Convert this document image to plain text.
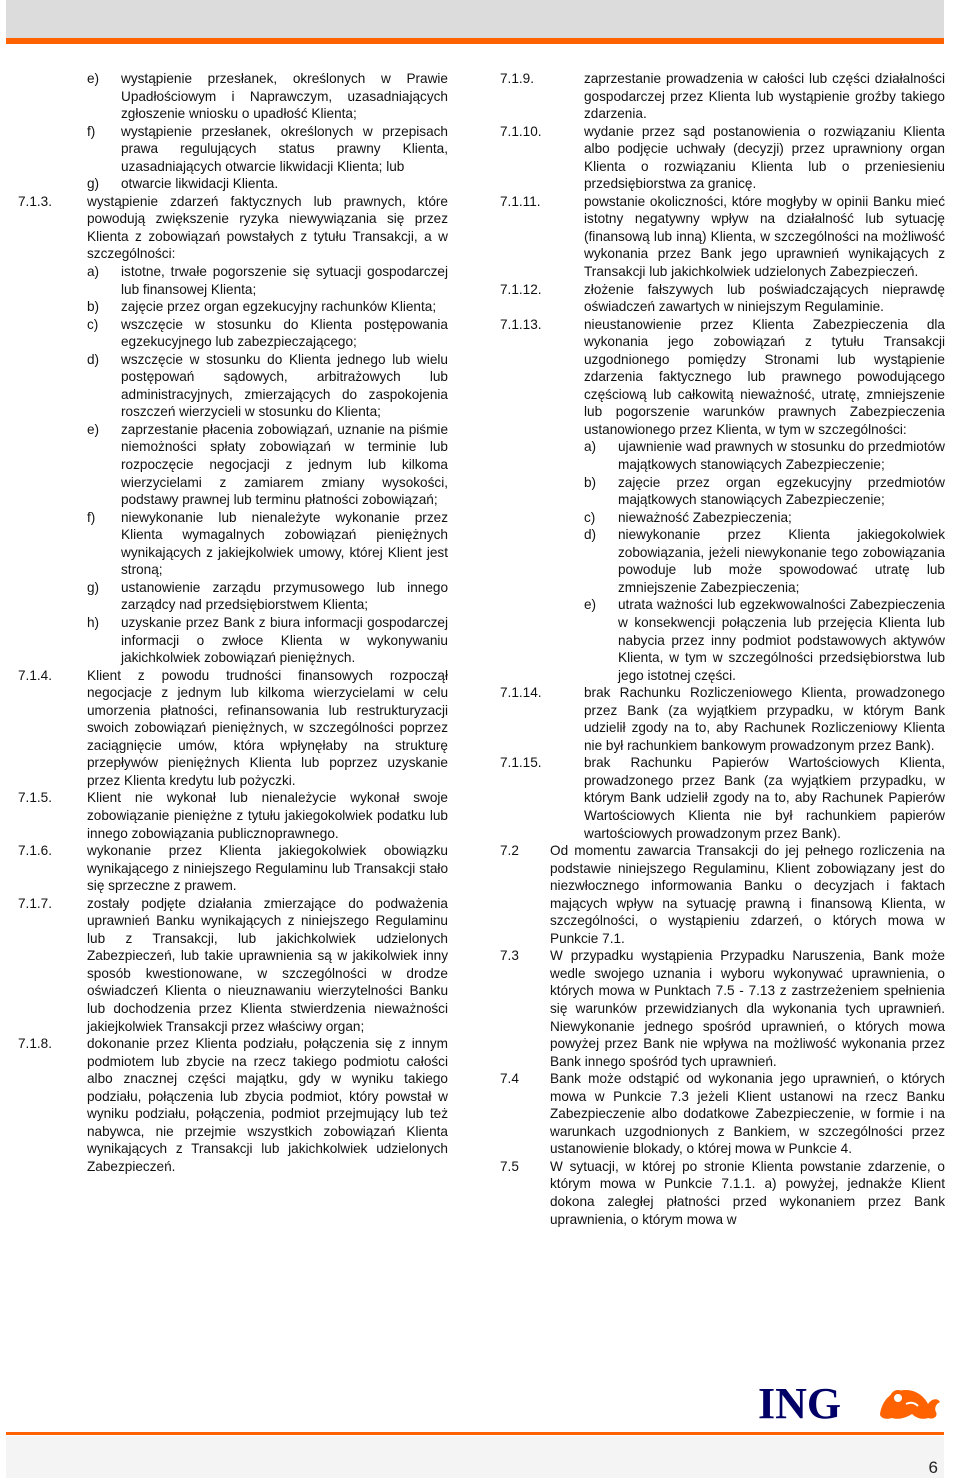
e)	wystąpienie przesłanek, określonych w Prawie Upadłościowym i Naprawczym, uzasadniających zgłoszenie wniosku o upadłość Klienta;
f)	wystąpienie przesłanek, określonych w przepisach prawa regulujących status prawny Klienta, uzasadniających otwarcie likwidacji Klienta; lub
g)	otwarcie likwidacji Klienta.
7.1.3.	wystąpienie zdarzeń faktycznych lub prawnych, które powodują zwiększenie ryzyka niewywiązania się przez Klienta z zobowiązań powstałych z tytułu Transakcji, a w szczególności:
a)	istotne, trwałe pogorszenie się sytuacji gospodarczej lub finansowej Klienta;
b)	zajęcie przez organ egzekucyjny rachunków Klienta;
c)	wszczęcie w stosunku do Klienta postępowania egzekucyjnego lub zabezpieczającego;
d)	wszczęcie w stosunku do Klienta jednego lub wielu postępowań sądowych, arbitrażowych lub administracyjnych, zmierzających do zaspokojenia roszczeń wierzycieli w stosunku do Klienta;
e)	zaprzestanie płacenia zobowiązań, uznanie na piśmie niemożności spłaty zobowiązań w terminie lub rozpoczęcie negocjacji z jednym lub kilkoma wierzycielami z zamiarem zmiany wysokości, podstawy prawnej lub terminu płatności zobowiązań;
f)	niewykonanie lub nienależyte wykonanie przez Klienta wymagalnych zobowiązań pieniężnych wynikających z jakiejkolwiek umowy, której Klient jest stroną;
g)	ustanowienie zarządu przymusowego lub innego zarządcy nad przedsiębiorstwem Klienta;
h)	uzyskanie przez Bank z biura informacji gospodarczej informacji o zwłoce Klienta w wykonywaniu jakichkolwiek zobowiązań pieniężnych.
7.1.4.	Klient z powodu trudności finansowych rozpoczął negocjacje z jednym lub kilkoma wierzycielami w celu umorzenia płatności, refinansowania lub restrukturyzacji swoich zobowiązań pieniężnych, w szczególności poprzez zaciągnięcie umów, która wpłynęłaby na strukturę przepływów pieniężnych Klienta lub poprzez uzyskanie przez Klienta kredytu lub pożyczki.
7.1.5.	Klient nie wykonał lub nienależycie wykonał swoje zobowiązanie pieniężne z tytułu jakiegokolwiek podatku lub innego zobowiązania publicznoprawnego.
7.1.6.	wykonanie przez Klienta jakiegokolwiek obowiązku wynikającego z niniejszego Regulaminu lub Transakcji stało się sprzeczne z prawem.
7.1.7.	zostały podjęte działania zmierzające do podważenia uprawnień Banku wynikających z niniejszego Regulaminu lub z Transakcji, lub jakichkolwiek udzielonych Zabezpieczeń, lub takie uprawnienia są w jakikolwiek inny sposób kwestionowane, w szczególności w drodze oświadczeń Klienta o nieuznawaniu wierzytelności Banku lub dochodzenia przez Klienta stwierdzenia nieważności jakiejkolwiek Transakcji przez właściwy organ;
7.1.8.	dokonanie przez Klienta podziału, połączenia się z innym podmiotem lub zbycie na rzecz takiego podmiotu całości albo znacznej części majątku, gdy w wyniku takiego podziału, połączenia lub zbycia podmiot, który powstał w wyniku podziału, połączenia, podmiot przejmujący lub też nabywca, nie przejmie wszystkich zobowiązań Klienta wynikających z Transakcji lub jakichkolwiek udzielonych Zabezpieczeń.
7.1.9.	zaprzestanie prowadzenia w całości lub części działalności gospodarczej przez Klienta lub wystąpienie groźby takiego zdarzenia.
7.1.10.	wydanie przez sąd postanowienia o rozwiązaniu Klienta albo podjęcie uchwały (decyzji) przez uprawniony organ Klienta o rozwiązaniu Klienta lub o przeniesieniu przedsiębiorstwa za granicę.
7.1.11.	powstanie okoliczności, które mogłyby w opinii Banku mieć istotny negatywny wpływ na działalność lub sytuację (finansową lub inną) Klienta, w szczególności na możliwość wykonania przez Bank jego uprawnień wynikających z Transakcji lub jakichkolwiek udzielonych Zabezpieczeń.
7.1.12.	złożenie fałszywych lub poświadczających nieprawdę oświadczeń zawartych w niniejszym Regulaminie.
7.1.13.	nieustanowienie przez Klienta Zabezpieczenia dla wykonania jego zobowiązań z tytułu Transakcji uzgodnionego pomiędzy Stronami lub wystąpienie zdarzenia faktycznego lub prawnego powodującego częściową lub całkowitą nieważność, utratę, zmniejszenie lub pogorszenie warunków prawnych Zabezpieczenia ustanowionego przez Klienta, w tym w szczególności:
a)	ujawnienie wad prawnych w stosunku do przedmiotów majątkowych stanowiących Zabezpieczenie;
b)	zajęcie przez organ egzekucyjny przedmiotów majątkowych stanowiących Zabezpieczenie;
c)	nieważność Zabezpieczenia;
d)	niewykonanie przez Klienta jakiegokolwiek zobowiązania, jeżeli niewykonanie tego zobowiązania powoduje lub może spowodować utratę lub zmniejszenie Zabezpieczenia;
e)	utrata ważności lub egzekwowalności Zabezpieczenia w konsekwencji połączenia lub przejęcia Klienta lub nabycia przez inny podmiot podstawowych aktywów Klienta, w tym w szczególności przedsiębiorstwa lub jego istotnej części.
7.1.14.	brak Rachunku Rozliczeniowego Klienta, prowadzonego przez Bank (za wyjątkiem przypadku, w którym Bank udzielił zgody na to, aby Rachunek Rozliczeniowy Klienta nie był rachunkiem bankowym prowadzonym przez Bank).
7.1.15.	brak Rachunku Papierów Wartościowych Klienta, prowadzonego przez Bank (za wyjątkiem przypadku, w którym Bank udzielił zgody na to, aby Rachunek Papierów Wartościowych Klienta nie był rachunkiem papierów wartościowych prowadzonym przez Bank).
7.2	Od momentu zawarcia Transakcji do jej pełnego rozliczenia na podstawie niniejszego Regulaminu, Klient zobowiązany jest do niezwłocznego informowania Banku o decyzjach i faktach mających wpływ na sytuację prawną i finansową Klienta, w szczególności, o wystąpieniu zdarzeń, o których mowa w Punkcie 7.1.
7.3	W przypadku wystąpienia Przypadku Naruszenia, Bank może wedle swojego uznania i wyboru wykonywać uprawnienia, o których mowa w Punktach 7.5 - 7.13 z zastrzeżeniem spełnienia się warunków przewidzianych dla wykonania tych uprawnień. Niewykonanie jednego spośród uprawnień, o których mowa powyżej przez Bank nie wpływa na możliwość wykonania przez Bank innego spośród tych uprawnień.
7.4	Bank może odstąpić od wykonania jego uprawnień, o których mowa w Punkcie 7.3 jeżeli Klient ustanowi na rzecz Banku Zabezpieczenie albo dodatkowe Zabezpieczenie, w formie i na warunkach uzgodnionych z Bankiem, w szczególności przez ustanowienie blokady, o której mowa w Punkcie 4.
7.5	W sytuacji, w której po stronie Klienta powstanie zdarzenie, o którym mowa w Punkcie 7.1.1. a) powyżej, jednakże Klient dokona zaległej płatności przed wykonaniem przez Bank uprawnienia, o którym mowa w
ING
6
